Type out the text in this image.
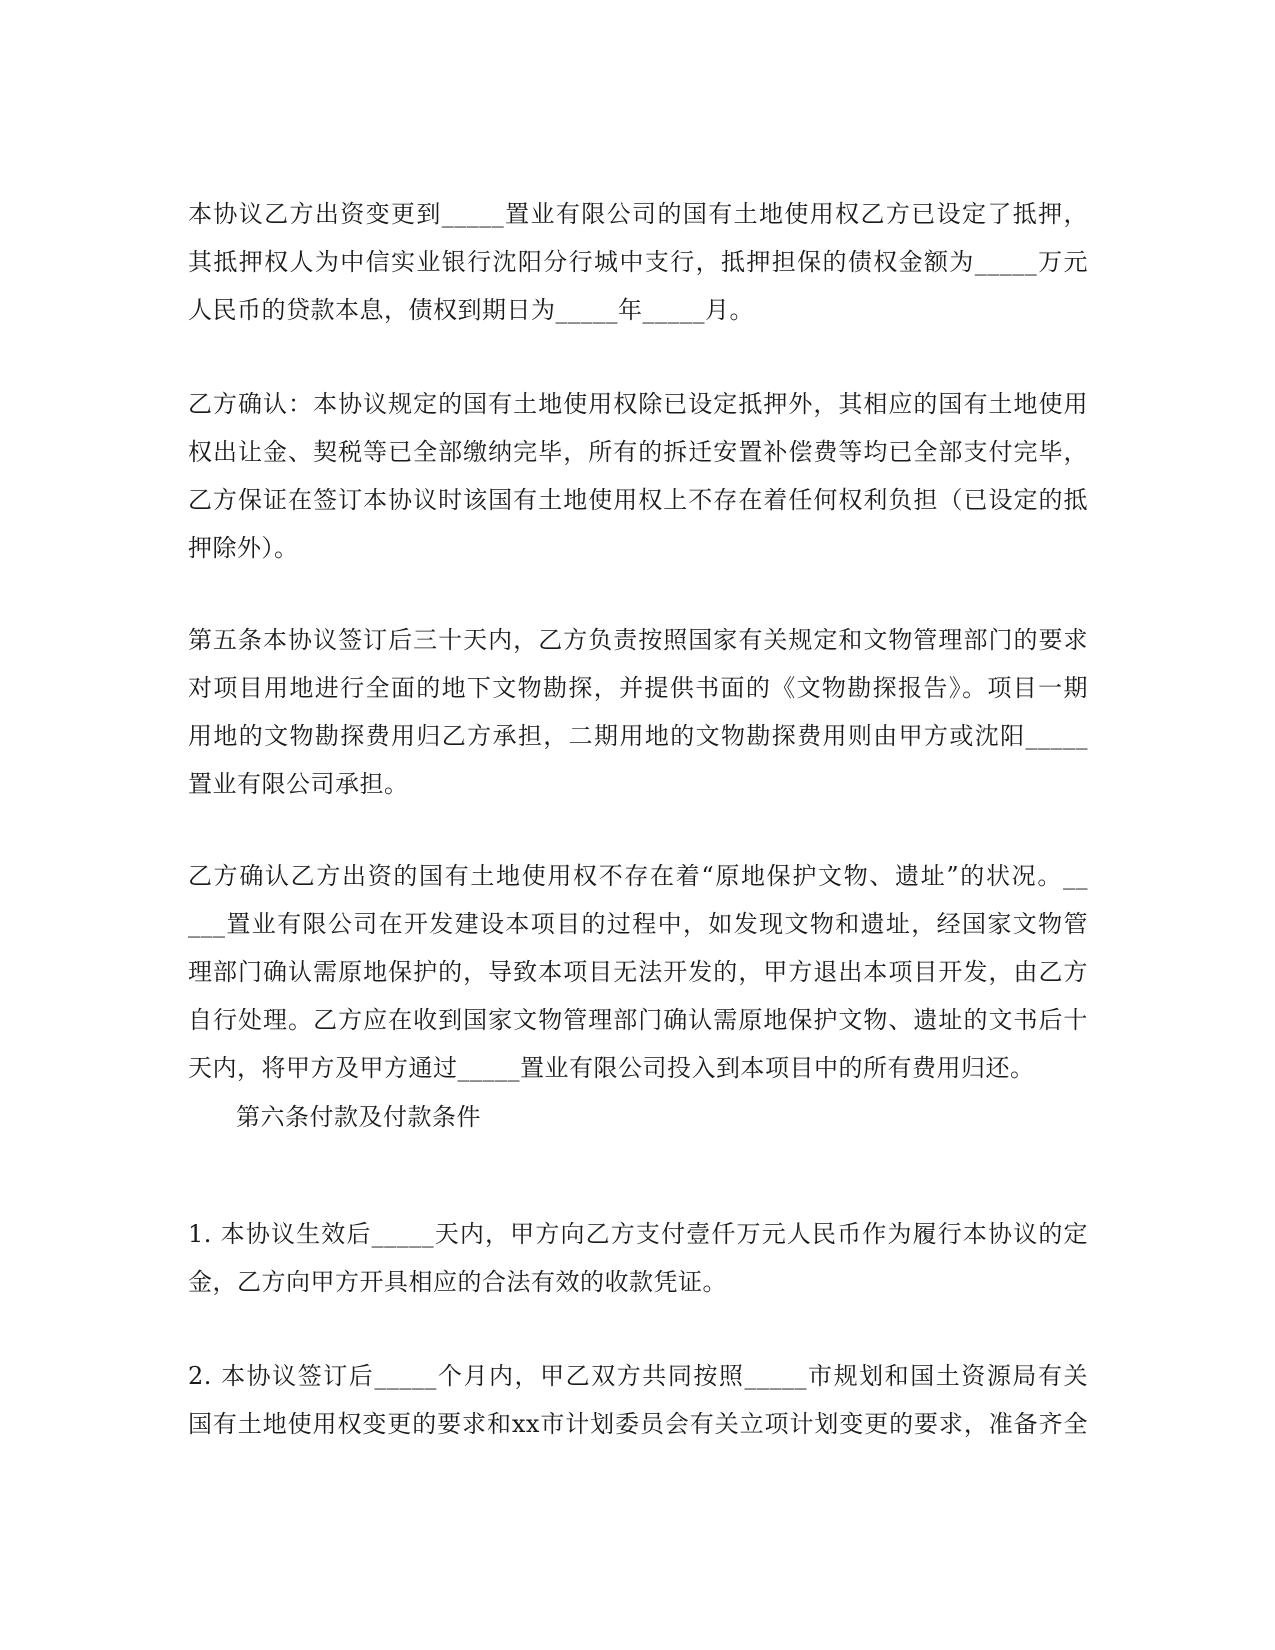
本协议乙方出资变更到_____置业有限公司的国有土地使用权乙方已设定了抵押，
其抵押权人为中信实业银行沈阳分行城中支行，抵押担保的债权金额为_____万元
人民币的贷款本息，债权到期日为_____年_____月。

乙方确认：本协议规定的国有土地使用权除已设定抵押外，其相应的国有土地使用
权出让金、契税等已全部缴纳完毕，所有的拆迁安置补偿费等均已全部支付完毕，
乙方保证在签订本协议时该国有土地使用权上不存在着任何权利负担（已设定的抵
押除外）。

第五条本协议签订后三十天内，乙方负责按照国家有关规定和文物管理部门的要求
对项目用地进行全面的地下文物勘探，并提供书面的《文物勘探报告》。项目一期
用地的文物勘探费用归乙方承担，二期用地的文物勘探费用则由甲方或沈阳_____
置业有限公司承担。

乙方确认乙方出资的国有土地使用权不存在着“原地保护文物、遗址”的状况。__
___置业有限公司在开发建设本项目的过程中，如发现文物和遗址，经国家文物管
理部门确认需原地保护的，导致本项目无法开发的，甲方退出本项目开发，由乙方
自行处理。乙方应在收到国家文物管理部门确认需原地保护文物、遗址的文书后十
天内，将甲方及甲方通过_____置业有限公司投入到本项目中的所有费用归还。

第六条付款及付款条件

1. 本协议生效后_____天内，甲方向乙方支付壹仟万元人民币作为履行本协议的定
金，乙方向甲方开具相应的合法有效的收款凭证。

2. 本协议签订后_____个月内，甲乙双方共同按照_____市规划和国土资源局有关
国有土地使用权变更的要求和xx市计划委员会有关立项计划变更的要求，准备齐全
